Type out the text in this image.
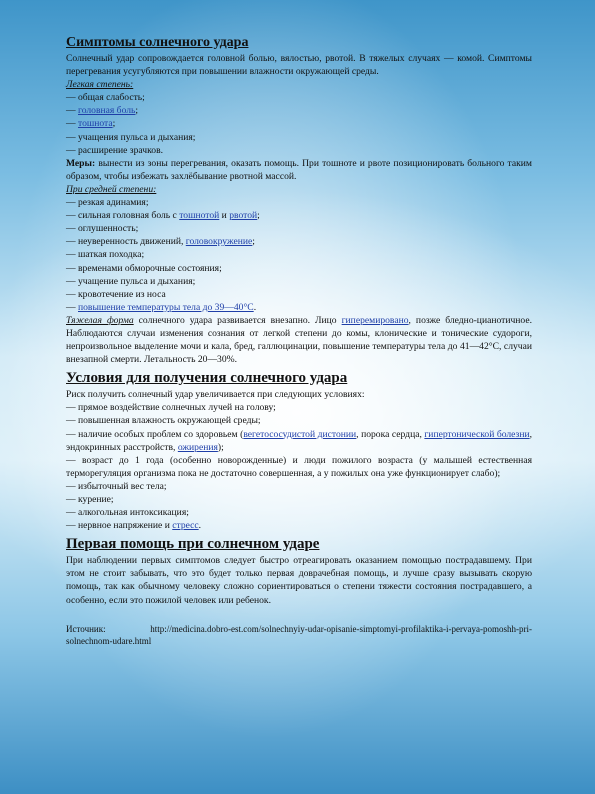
Симптомы солнечного удара

Солнечный удар сопровождается головной болью, вялостью, рвотой. В тяжелых случаях — комой. Симптомы перегревания усугубляются при повышении влажности окружающей среды.

Легкая степень:

— общая слабость;

— головная боль;

— тошнота;

— учащения пульса и дыхания;

— расширение зрачков.

Меры: вынести из зоны перегревания, оказать помощь. При тошноте и рвоте позиционировать больного таким образом, чтобы избежать захлёбывание рвотной массой.

При средней степени:

— резкая адинамия;

— сильная головная боль с тошнотой и рвотой;

— оглушенность;

— неуверенность движений, головокружение;

— шаткая походка;

— временами обморочные состояния;

— учащение пульса и дыхания;

— кровотечение из носа

— повышение температуры тела до 39—40°C.

Тяжелая форма солнечного удара развивается внезапно. Лицо гиперемировано, позже бледно-цианотичное. Наблюдаются случаи изменения сознания от легкой степени до комы, клонические и тонические судороги, непроизвольное выделение мочи и кала, бред, галлюцинации, повышение температуры тела до 41—42°C, случаи внезапной смерти. Летальность 20—30%.

Условия для получения солнечного удара

Риск получить солнечный удар увеличивается при следующих условиях:

— прямое воздействие солнечных лучей на голову;

— повышенная влажность окружающей среды;

— наличие особых проблем со здоровьем (вегетососудистой дистонии, порока сердца, гипертонической болезни, эндокринных расстройств, ожирения);

— возраст до 1 года (особенно новорожденные) и люди пожилого возраста (у малышей естественная терморегуляция организма пока не достаточно совершенная, а у пожилых она уже функционирует слабо);

— избыточный вес тела;

— курение;

— алкогольная интоксикация;

— нервное напряжение и стресс.

Первая помощь при солнечном ударе

При наблюдении первых симптомов следует быстро отреагировать оказанием помощью пострадавшему. При этом не стоит забывать, что это будет только первая доврачебная помощь, и лучше сразу вызывать скорую помощь, так как обычному человеку сложно сориентироваться о степени тяжести состояния пострадавшего, а особенно, если это пожилой человек или ребенок.

Источник: http://medicina.dobro-est.com/solnechnyiy-udar-opisanie-simptomyi-profilaktika-i-pervaya-pomoshh-pri-solnechnom-udare.html
